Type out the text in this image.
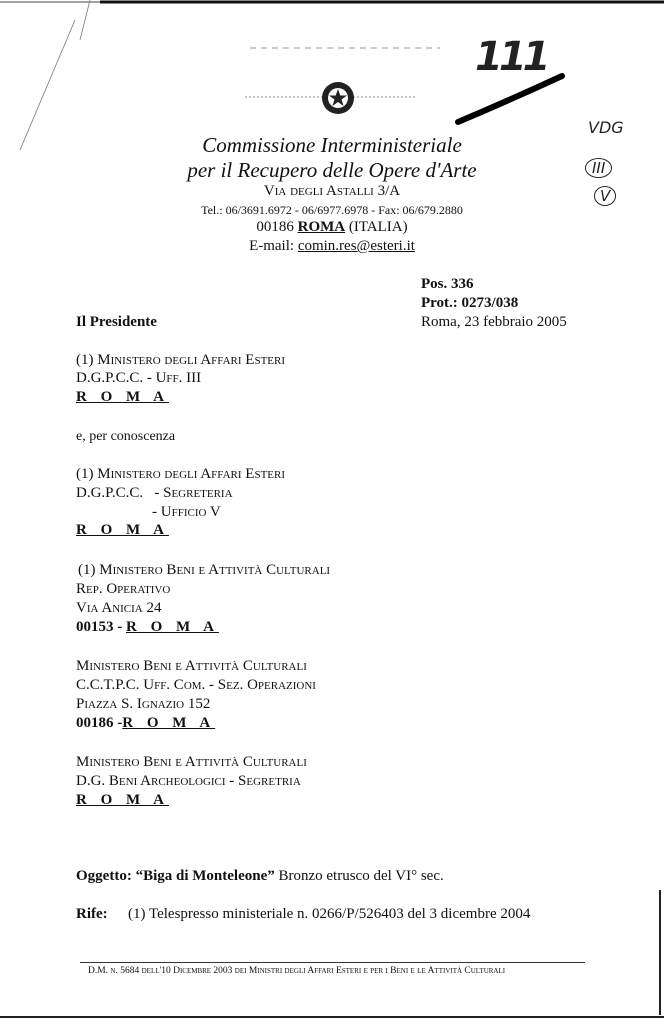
111
VDG
III
V
Commissione Interministeriale
per il Recupero delle Opere d'Arte
Via degli Astalli 3/A
Tel.: 06/3691.6972 - 06/6977.6978 - Fax: 06/679.2880
00186 ROMA (ITALIA)
E-mail: comin.res@esteri.it
Pos. 336
Prot.: 0273/038
Roma, 23 febbraio 2005
Il Presidente
(1) Ministero degli Affari Esteri
D.G.P.C.C. - Uff. III
R O M A
e, per conoscenza
(1) Ministero degli Affari Esteri
D.G.P.C.C.   - Segreteria
- Ufficio V
R O M A
(1) Ministero Beni e Attività Culturali
Rep. Operativo
Via Anicia 24
00153 - R O M A
Ministero Beni e Attività Culturali
C.C.T.P.C. Uff. Com. - Sez. Operazioni
Piazza S. Ignazio 152
00186 -R O M A
Ministero Beni e Attività Culturali
D.G. Beni Archeologici - Segretria
R O M A
Oggetto: “Biga di Monteleone” Bronzo etrusco del VI° sec.
Rife: (1) Telespresso ministeriale n. 0266/P/526403 del 3 dicembre 2004
D.M. n. 5684 dell'10 Dicembre 2003 dei Ministri degli Affari Esteri e per i Beni e le Attività Culturali
